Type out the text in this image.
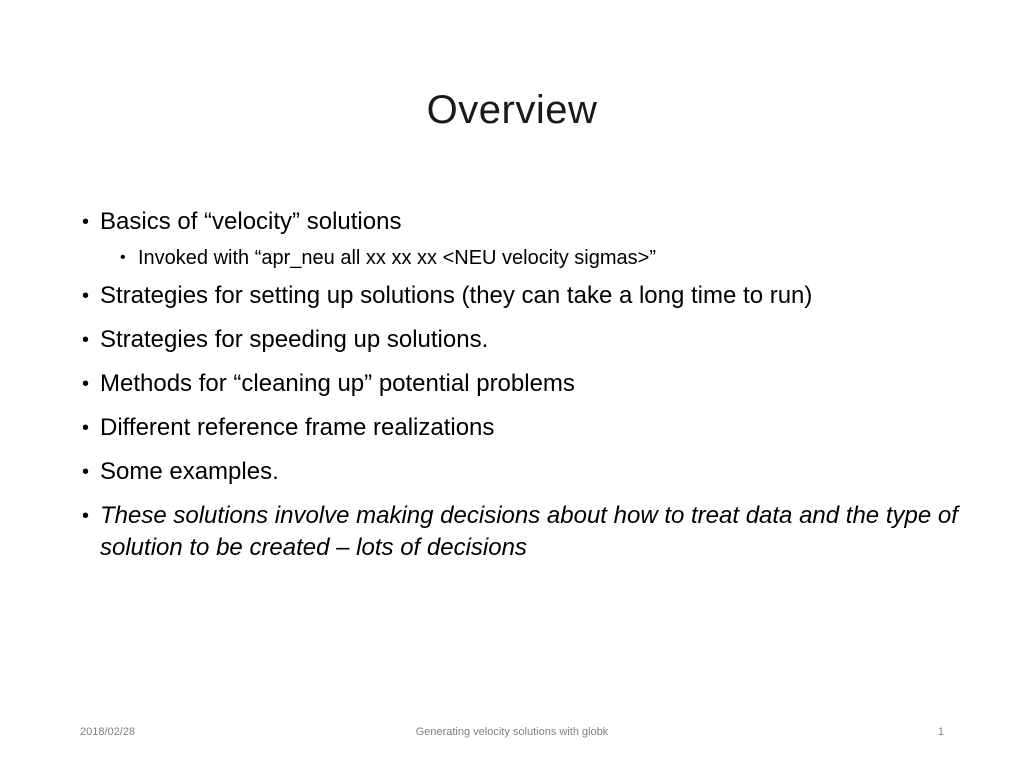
Overview
• Basics of “velocity” solutions
• Invoked with “apr_neu all xx xx xx <NEU velocity sigmas>”
• Strategies for setting up solutions (they can take a long time to run)
• Strategies for speeding up solutions.
• Methods for “cleaning up” potential problems
• Different reference frame realizations
• Some examples.
• These solutions involve making decisions about how to treat data and the type of solution to be created – lots of decisions
2018/02/28	Generating velocity solutions with globk	1
